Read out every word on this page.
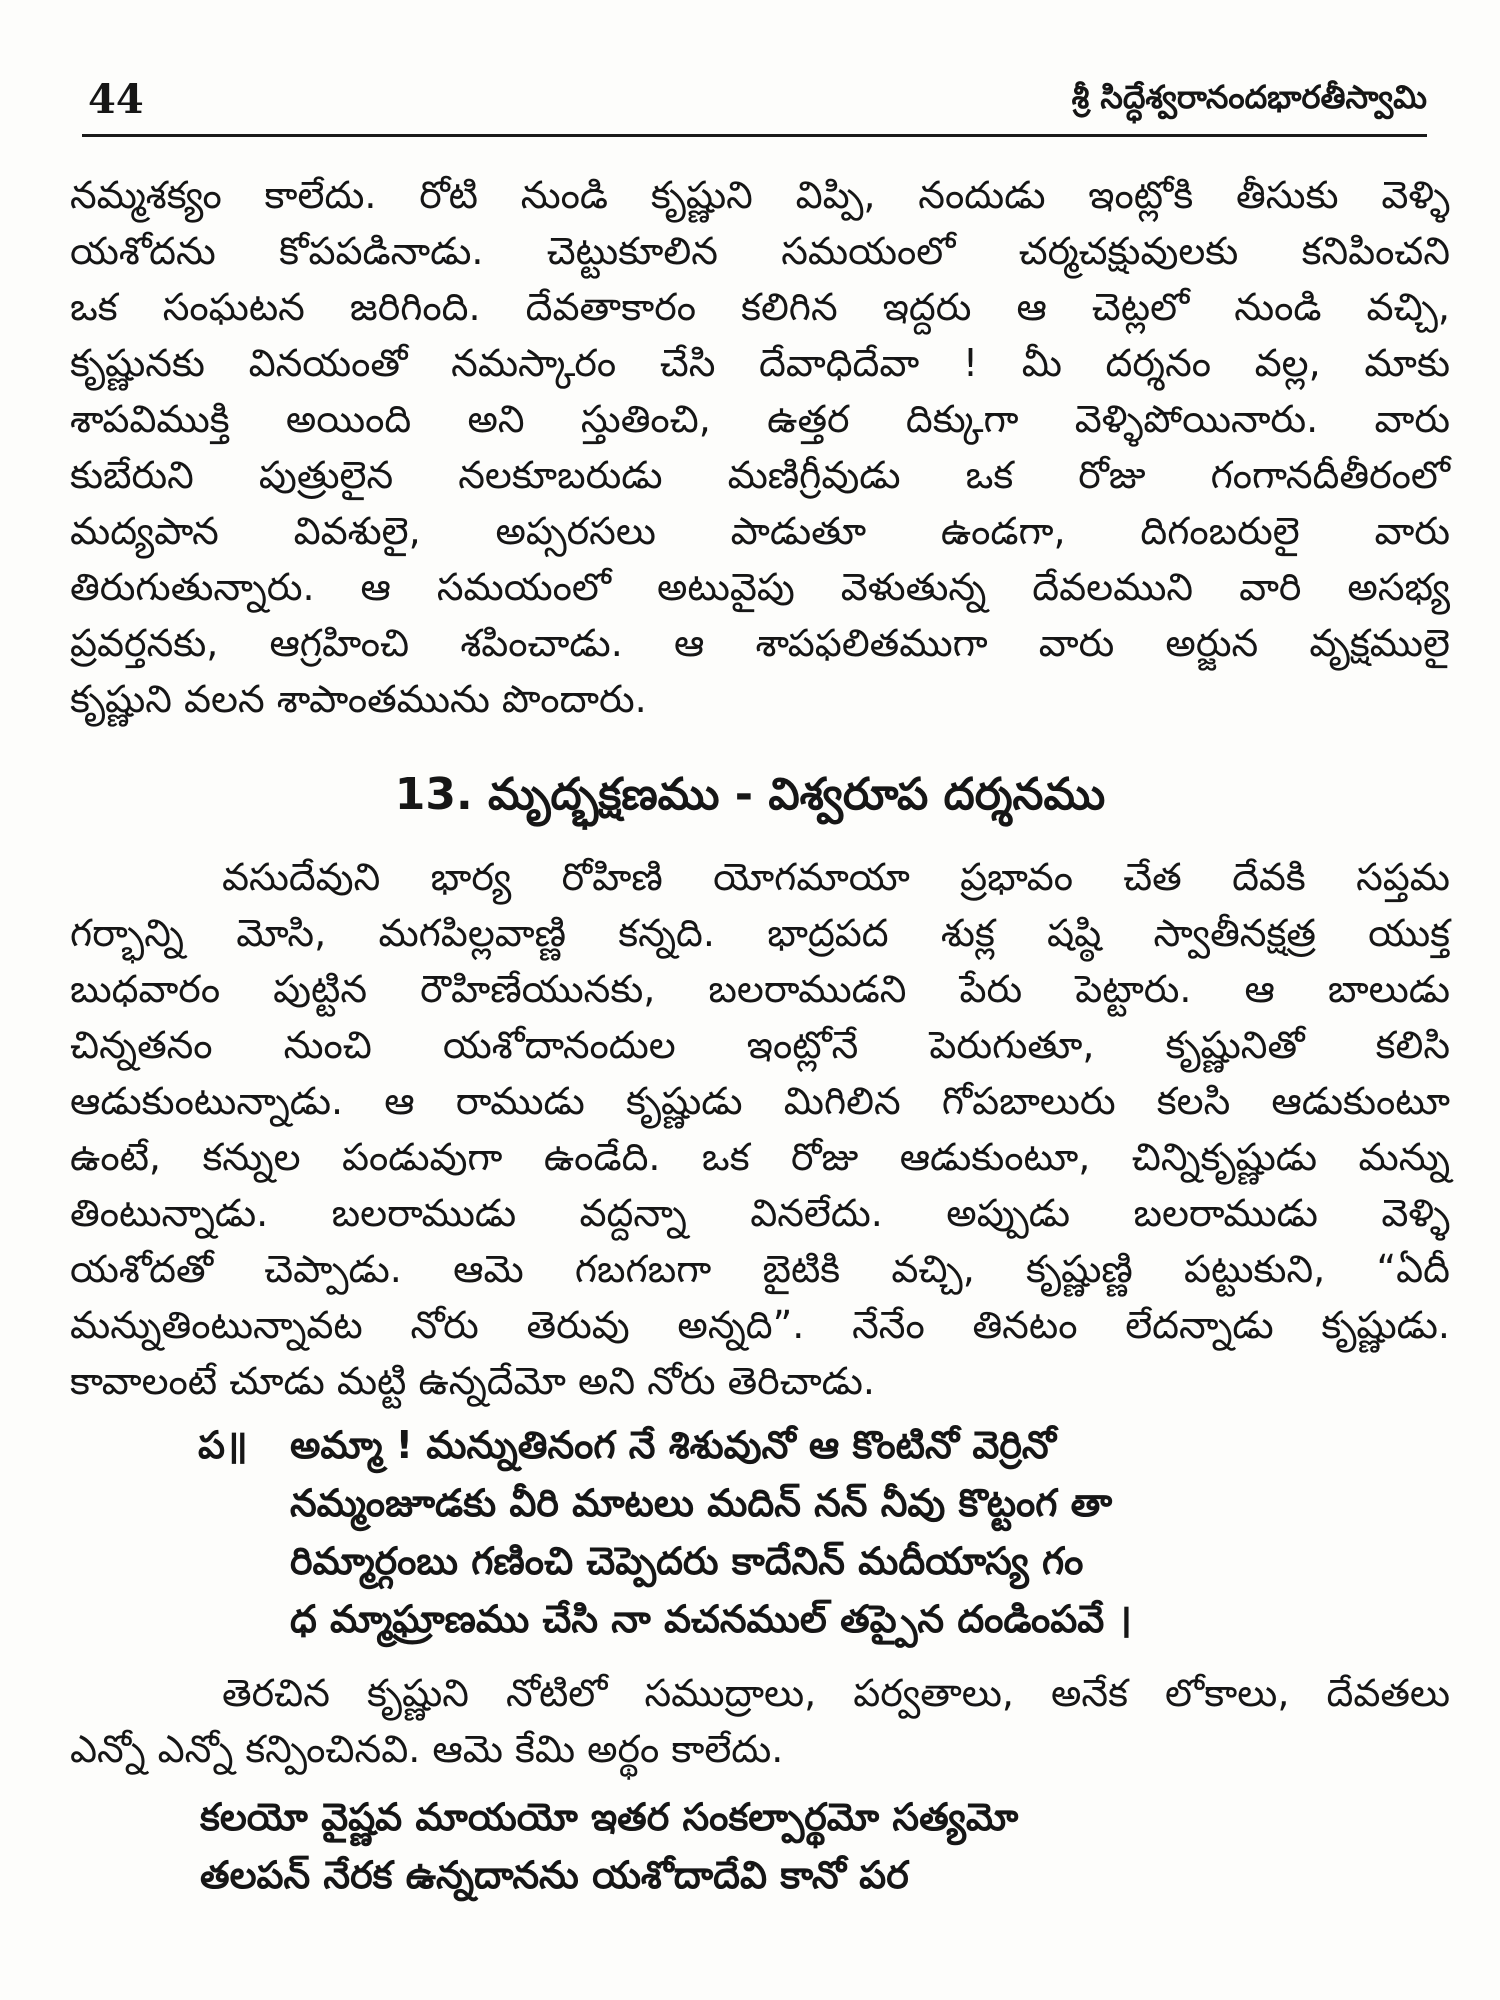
44	శ్రీ సిద్ధేశ్వరానందభారతీస్వామి
నమ్మశక్యం కాలేదు. రోటి నుండి కృష్ణుని విప్పి, నందుడు ఇంట్లోకి తీసుకు వెళ్ళి
యశోదను కోపపడినాడు. చెట్టుకూలిన సమయంలో చర్మచక్షువులకు కనిపించని
ఒక సంఘటన జరిగింది. దేవతాకారం కలిగిన ఇద్దరు ఆ చెట్లలో నుండి వచ్చి,
కృష్ణునకు వినయంతో నమస్కారం చేసి దేవాధిదేవా ! మీ దర్శనం వల్ల, మాకు
శాపవిముక్తి అయింది అని స్తుతించి, ఉత్తర దిక్కుగా వెళ్ళిపోయినారు. వారు
కుబేరుని పుత్రులైన నలకూబరుడు మణిగ్రీవుడు ఒక రోజు గంగానదీతీరంలో
మద్యపాన వివశులై, అప్సరసలు పాడుతూ ఉండగా, దిగంబరులై వారు
తిరుగుతున్నారు. ఆ సమయంలో అటువైపు వెళుతున్న దేవలముని వారి అసభ్య
ప్రవర్తనకు, ఆగ్రహించి శపించాడు. ఆ శాపఫలితముగా వారు అర్జున వృక్షములై
కృష్ణుని వలన శాపాంతమును పొందారు.
13. మృద్భక్షణము - విశ్వరూప దర్శనము
వసుదేవుని భార్య రోహిణి యోగమాయా ప్రభావం చేత దేవకి సప్తమ
గర్భాన్ని మోసి, మగపిల్లవాణ్ణి కన్నది. భాద్రపద శుక్ల షష్ఠి స్వాతీనక్షత్ర యుక్త
బుధవారం పుట్టిన రౌహిణేయునకు, బలరాముడని పేరు పెట్టారు. ఆ బాలుడు
చిన్నతనం నుంచి యశోదానందుల ఇంట్లోనే పెరుగుతూ, కృష్ణునితో కలిసి
ఆడుకుంటున్నాడు. ఆ రాముడు కృష్ణుడు మిగిలిన గోపబాలురు కలసి ఆడుకుంటూ
ఉంటే, కన్నుల పండువుగా ఉండేది. ఒక రోజు ఆడుకుంటూ, చిన్నికృష్ణుడు మన్ను
తింటున్నాడు. బలరాముడు వద్దన్నా వినలేదు. అప్పుడు బలరాముడు వెళ్ళి
యశోదతో చెప్పాడు. ఆమె గబగబగా బైటికి వచ్చి, కృష్ణుణ్ణి పట్టుకుని, “ఏదీ
మన్నుతింటున్నావట నోరు తెరువు అన్నది”. నేనేం తినటం లేదన్నాడు కృష్ణుడు.
కావాలంటే చూడు మట్టి ఉన్నదేమో అని నోరు తెరిచాడు.
ప॥ అమ్మా ! మన్నుతినంగ నే శిశువునో ఆ కొంటినో వెర్రినో
నమ్మంజూడకు వీరి మాటలు మదిన్ నన్ నీవు కొట్టంగ తా
రిమ్మార్గంబు గణించి చెప్పెదరు కాదేనిన్ మదీయాస్య గం
ధ మ్మాఘ్రాణము చేసి నా వచనముల్ తప్పైన దండింపవే ।
తెరచిన కృష్ణుని నోటిలో సముద్రాలు, పర్వతాలు, అనేక లోకాలు, దేవతలు
ఎన్నో ఎన్నో కన్పించినవి. ఆమె కేమి అర్థం కాలేదు.
కలయో వైష్ణవ మాయయో ఇతర సంకల్పార్థమో సత్యమో
తలపన్ నేరక ఉన్నదానను యశోదాదేవి కానో పర
